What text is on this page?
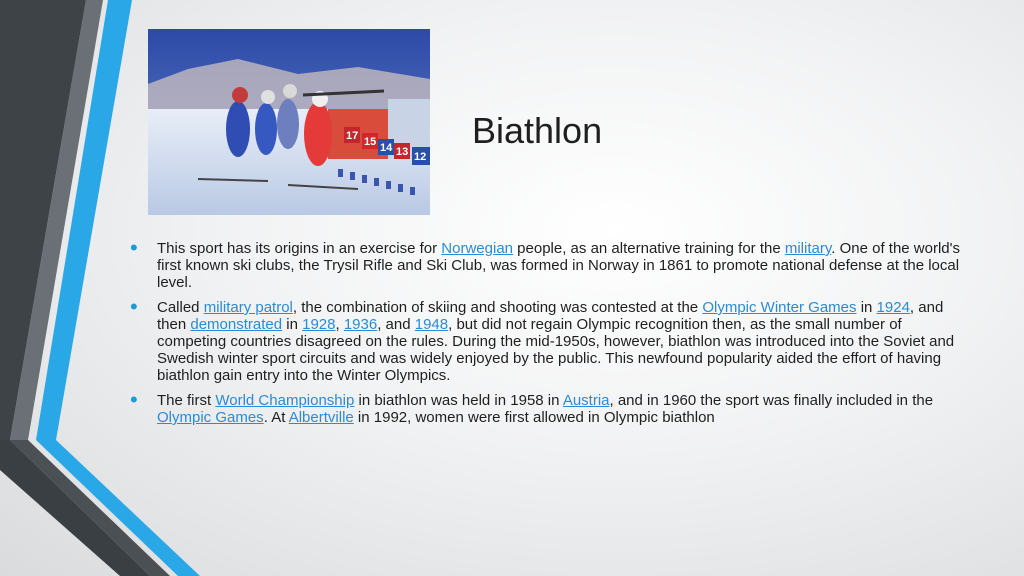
17 15 14 13 12
Biathlon
• This sport has its origins in an exercise for Norwegian people, as an alternative training for the military. One of the world's first known ski clubs, the Trysil Rifle and Ski Club, was formed in Norway in 1861 to promote national defense at the local level.
• Called military patrol, the combination of skiing and shooting was contested at the Olympic Winter Games in 1924, and then demonstrated in 1928, 1936, and 1948, but did not regain Olympic recognition then, as the small number of competing countries disagreed on the rules. During the mid-1950s, however, biathlon was introduced into the Soviet and Swedish winter sport circuits and was widely enjoyed by the public. This newfound popularity aided the effort of having biathlon gain entry into the Winter Olympics.
• The first World Championship in biathlon was held in 1958 in Austria, and in 1960 the sport was finally included in the Olympic Games. At Albertville in 1992, women were first allowed in Olympic biathlon
